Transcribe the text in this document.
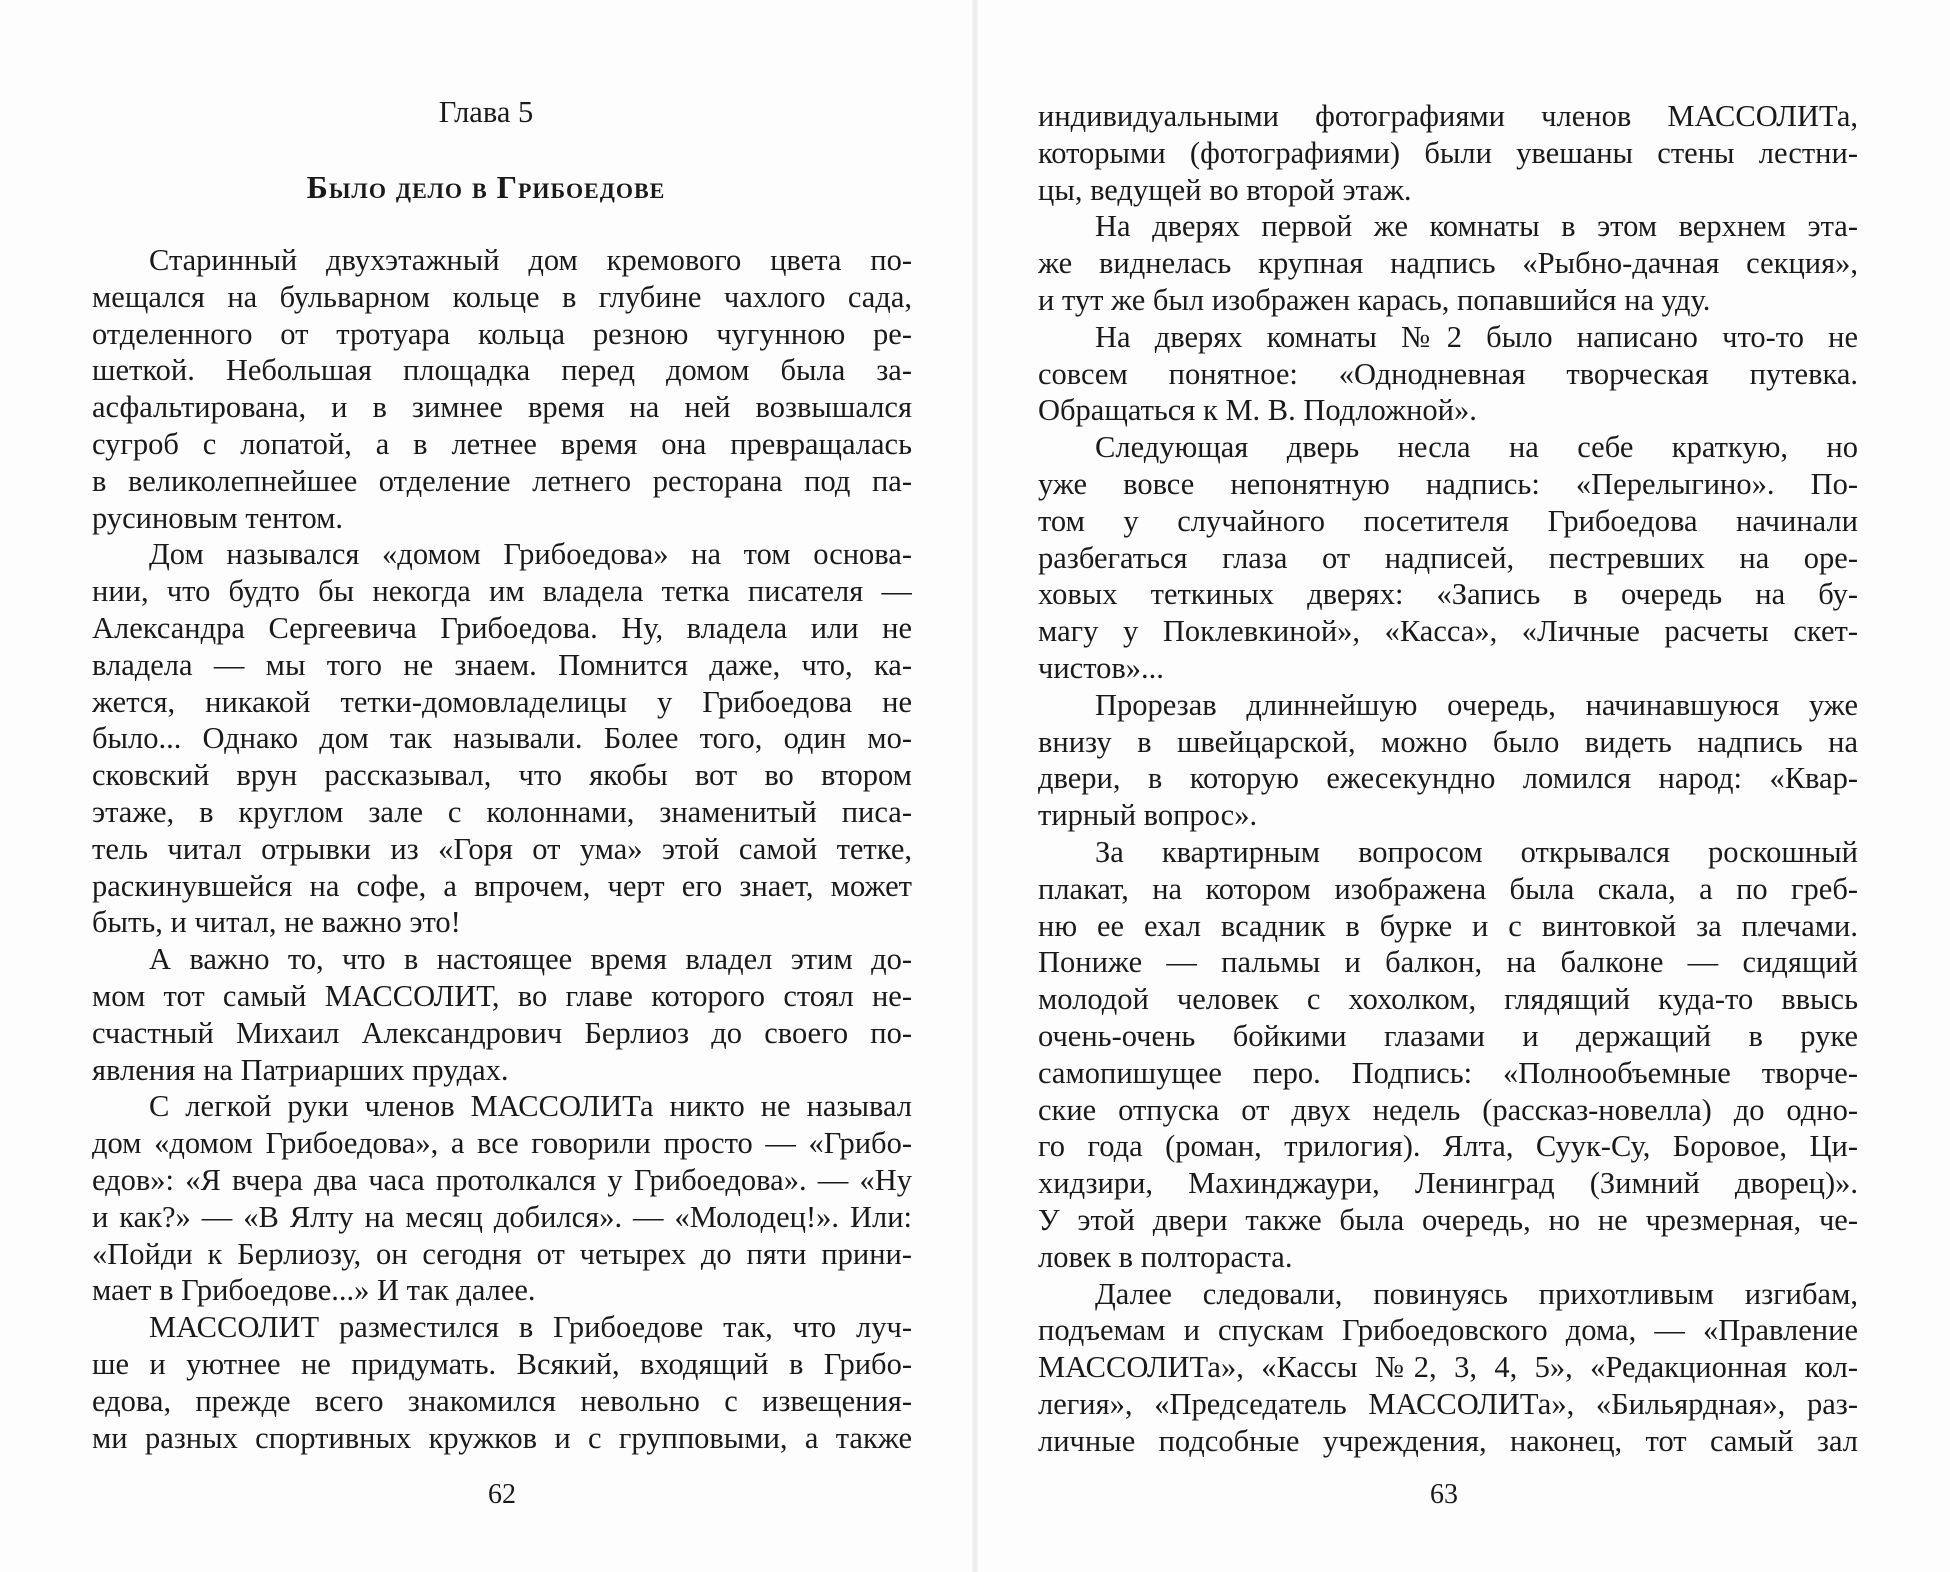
Глава 5
Было дело в Грибоедове
Старинный двухэтажный дом кремового цвета по-
мещался на бульварном кольце в глубине чахлого сада,
отделенного от тротуара кольца резною чугунною ре-
шеткой. Небольшая площадка перед домом была за-
асфальтирована, и в зимнее время на ней возвышался
сугроб с лопатой, а в летнее время она превращалась
в великолепнейшее отделение летнего ресторана под па-
русиновым тентом.
Дом назывался «домом Грибоедова» на том основа-
нии, что будто бы некогда им владела тетка писателя —
Александра Сергеевича Грибоедова. Ну, владела или не
владела — мы того не знаем. Помнится даже, что, ка-
жется, никакой тетки-домовладелицы у Грибоедова не
было... Однако дом так называли. Более того, один мо-
сковский врун рассказывал, что якобы вот во втором
этаже, в круглом зале с колоннами, знаменитый писа-
тель читал отрывки из «Горя от ума» этой самой тетке,
раскинувшейся на софе, а впрочем, черт его знает, может
быть, и читал, не важно это!
А важно то, что в настоящее время владел этим до-
мом тот самый МАССОЛИТ, во главе которого стоял не-
счастный Михаил Александрович Берлиоз до своего по-
явления на Патриарших прудах.
С легкой руки членов МАССОЛИТа никто не называл
дом «домом Грибоедова», а все говорили просто — «Грибо-
едов»: «Я вчера два часа протолкался у Грибоедова». — «Ну
и как?» — «В Ялту на месяц добился». — «Молодец!». Или:
«Пойди к Берлиозу, он сегодня от четырех до пяти прини-
мает в Грибоедове...» И так далее.
МАССОЛИТ разместился в Грибоедове так, что луч-
ше и уютнее не придумать. Всякий, входящий в Грибо-
едова, прежде всего знакомился невольно с извещения-
ми разных спортивных кружков и с групповыми, а также
62
индивидуальными фотографиями членов МАССОЛИТа,
которыми (фотографиями) были увешаны стены лестни-
цы, ведущей во второй этаж.
На дверях первой же комнаты в этом верхнем эта-
же виднелась крупная надпись «Рыбно-дачная секция»,
и тут же был изображен карась, попавшийся на уду.
На дверях комнаты №2 было написано что-то не
совсем понятное: «Однодневная творческая путевка.
Обращаться к М. В. Подложной».
Следующая дверь несла на себе краткую, но
уже вовсе непонятную надпись: «Перелыгино». По-
том у случайного посетителя Грибоедова начинали
разбегаться глаза от надписей, пестревших на оре-
ховых теткиных дверях: «Запись в очередь на бу-
магу у Поклевкиной», «Касса», «Личные расчеты скет-
чистов»...
Прорезав длиннейшую очередь, начинавшуюся уже
внизу в швейцарской, можно было видеть надпись на
двери, в которую ежесекундно ломился народ: «Квар-
тирный вопрос».
За квартирным вопросом открывался роскошный
плакат, на котором изображена была скала, а по греб-
ню ее ехал всадник в бурке и с винтовкой за плечами.
Пониже — пальмы и балкон, на балконе — сидящий
молодой человек с хохолком, глядящий куда-то ввысь
очень-очень бойкими глазами и держащий в руке
самопишущее перо. Подпись: «Полнообъемные творче-
ские отпуска от двух недель (рассказ-новелла) до одно-
го года (роман, трилогия). Ялта, Суук-Су, Боровое, Ци-
хидзири, Махинджаури, Ленинград (Зимний дворец)».
У этой двери также была очередь, но не чрезмерная, че-
ловек в полтораста.
Далее следовали, повинуясь прихотливым изгибам,
подъемам и спускам Грибоедовского дома, — «Правление
МАССОЛИТа», «Кассы №2, 3, 4, 5», «Редакционная кол-
легия», «Председатель МАССОЛИТа», «Бильярдная», раз-
личные подсобные учреждения, наконец, тот самый зал
63
